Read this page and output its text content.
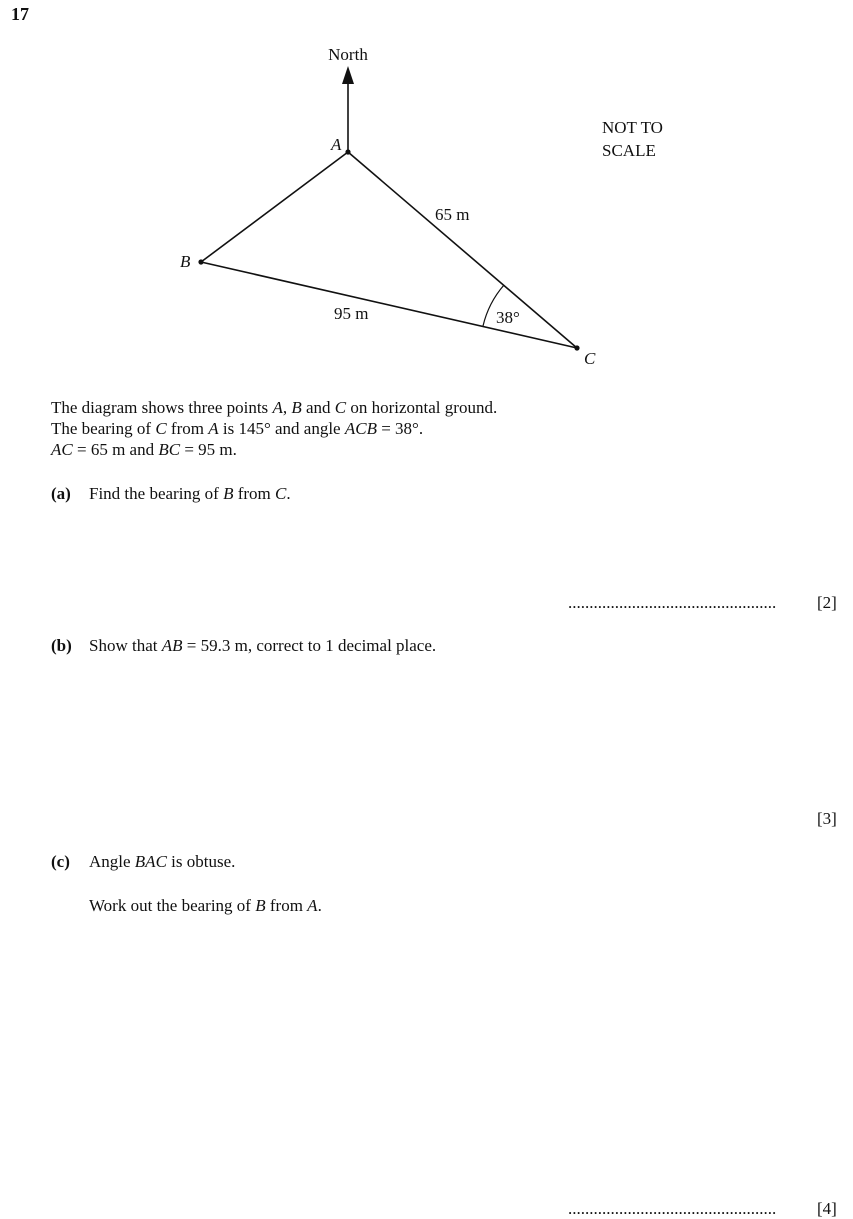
17
North
A
B
C
65 m
95 m	38°
NOT TO
SCALE
The diagram shows three points A, B and C on horizontal ground.
The bearing of C from A is 145° and angle ACB = 38°.
AC = 65 m and BC = 95 m.
(a) Find the bearing of B from C.
.................................................	[2]
(b) Show that AB = 59.3 m, correct to 1 decimal place.
[3]
(c) Angle BAC is obtuse.
Work out the bearing of B from A.
.................................................	[4]
